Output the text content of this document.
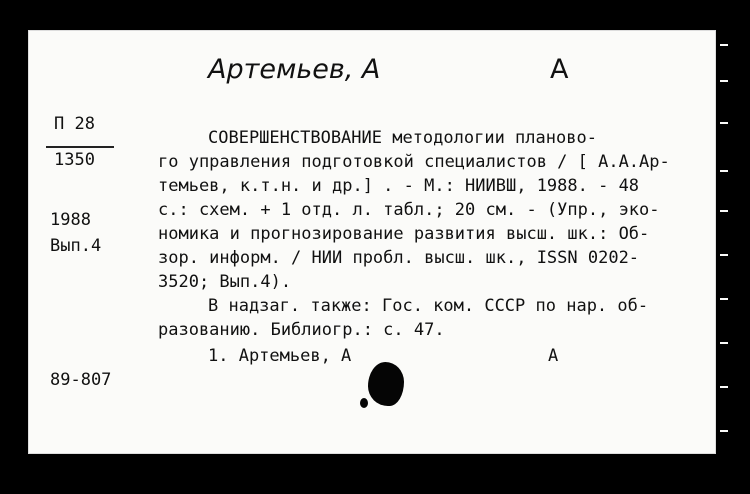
Артемьев, А	А
П 28
1350
1988
Вып.4
89-807
СОВЕРШЕНСТВОВАНИЕ методологии планово-
го управления подготовкой специалистов / [ А.А.Ар-
темьев, к.т.н. и др.] . - М.: НИИВШ, 1988. - 48
с.: схем. + 1 отд. л. табл.; 20 см. - (Упр., эко-
номика и прогнозирование развития высш. шк.: Об-
зор. информ. / НИИ пробл. высш. шк., ISSN 0202-
3520; Вып.4).
В надзаг. также: Гос. ком. СССР по нар. об-
разованию. Библиогр.: с. 47.
1. Артемьев, А	А
